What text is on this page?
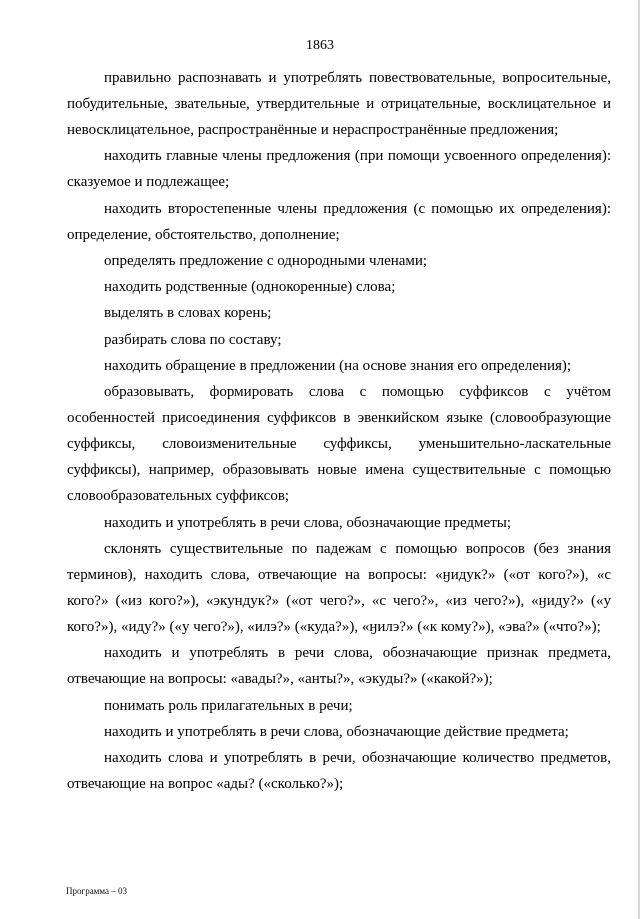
1863

правильно распознавать и употреблять повествовательные, вопросительные, побудительные, звательные, утвердительные и отрицательные, восклицательное и невосклицательное, распространённые и нераспространённые предложения;

находить главные члены предложения (при помощи усвоенного определения): сказуемое и подлежащее;

находить второстепенные члены предложения (с помощью их определения): определение, обстоятельство, дополнение;

определять предложение с однородными членами;

находить родственные (однокоренные) слова;

выделять в словах корень;

разбирать слова по составу;

находить обращение в предложении (на основе знания его определения);

образовывать, формировать слова с помощью суффиксов с учётом особенностей присоединения суффиксов в эвенкийском языке (словообразующие суффиксы, словоизменительные суффиксы, уменьшительно-ласкательные суффиксы), например, образовывать новые имена существительные с помощью словообразовательных суффиксов;

находить и употреблять в речи слова, обозначающие предметы;

склонять существительные по падежам с помощью вопросов (без знания терминов), находить слова, отвечающие на вопросы: «ӈидук?» («от кого?»), «с кого?» («из кого?»), «экундук?» («от чего?», «с чего?», «из чего?»), «ӈиду?» («у кого?»), «иду?» («у чего?»), «илэ?» («куда?»), «ӈилэ?» («к кому?»), «эва?» («что?»);

находить и употреблять в речи слова, обозначающие признак предмета, отвечающие на вопросы: «авады?», «анты?», «экуды?» («какой?»);

понимать роль прилагательных в речи;

находить и употреблять в речи слова, обозначающие действие предмета;

находить слова и употреблять в речи, обозначающие количество предметов, отвечающие на вопрос «ады? («сколько?»);

Программа – 03
